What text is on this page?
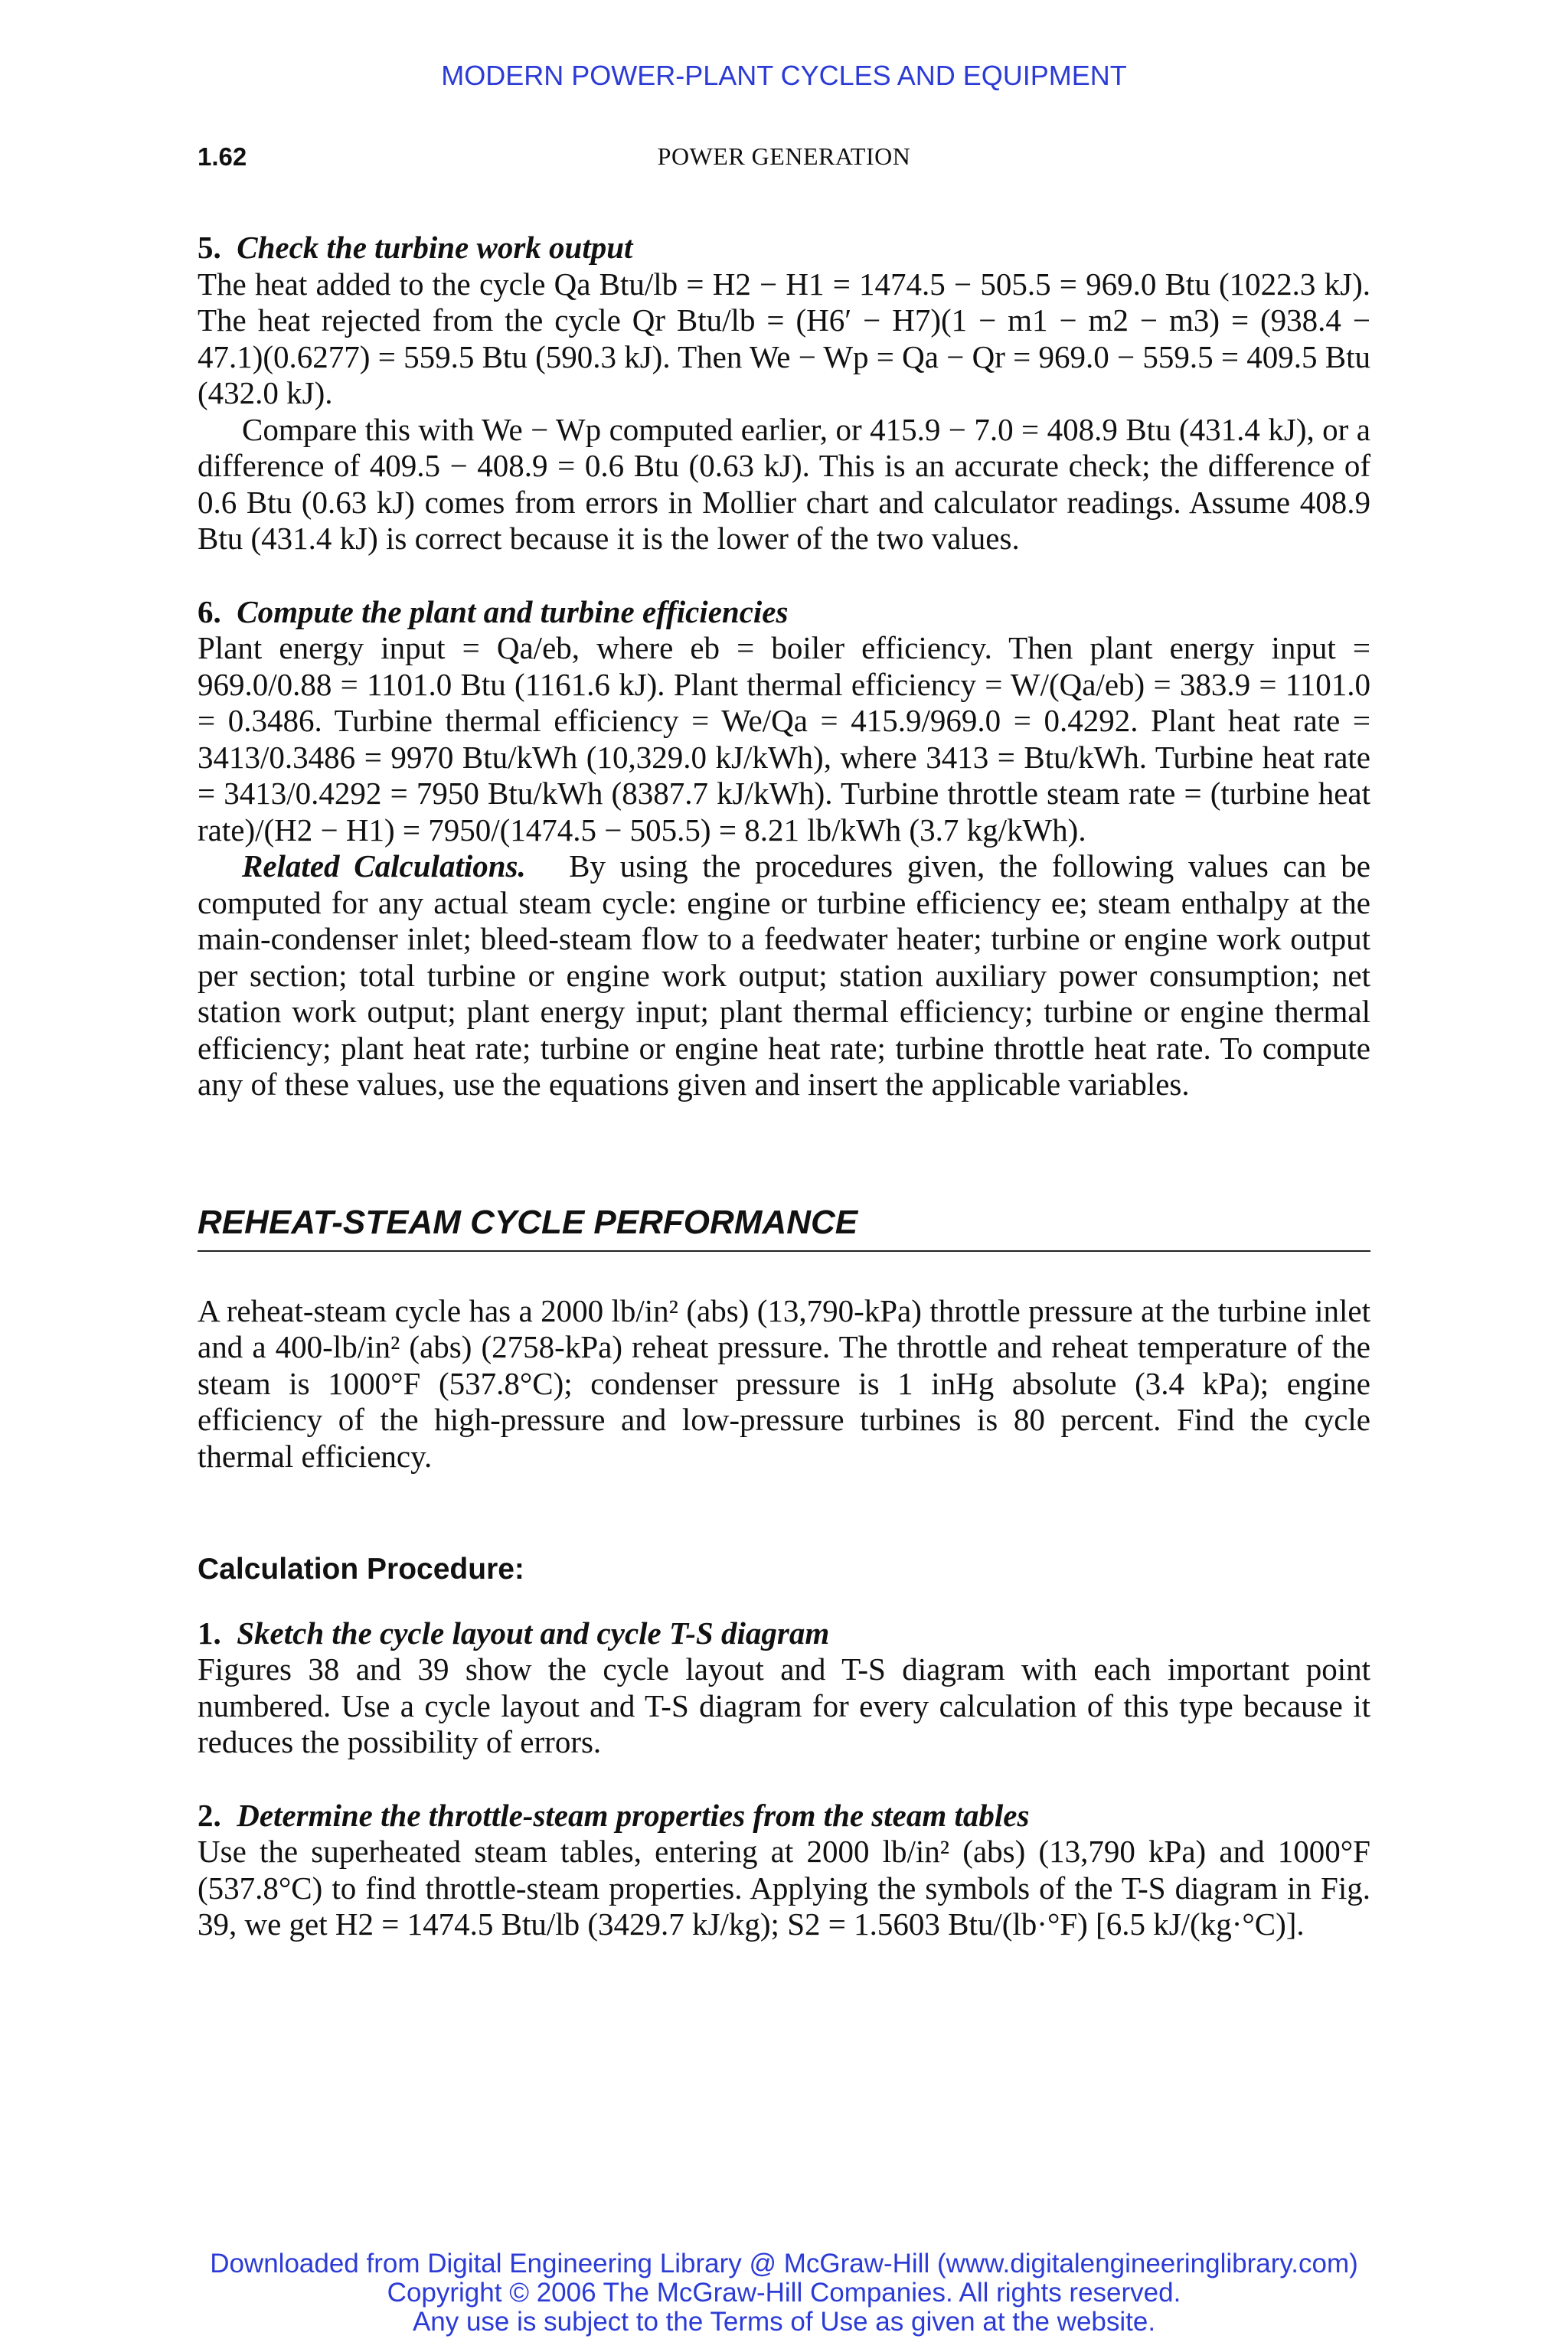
MODERN POWER-PLANT CYCLES AND EQUIPMENT
1.62	POWER GENERATION

5. Check the turbine work output

The heat added to the cycle Qa Btu/lb = H2 − H1 = 1474.5 − 505.5 = 969.0 Btu (1022.3 kJ). The heat rejected from the cycle Qr Btu/lb = (H6′ − H7)(1 − m1 − m2 − m3) = (938.4 − 47.1)(0.6277) = 559.5 Btu (590.3 kJ). Then We − Wp = Qa − Qr = 969.0 − 559.5 = 409.5 Btu (432.0 kJ).

Compare this with We − Wp computed earlier, or 415.9 − 7.0 = 408.9 Btu (431.4 kJ), or a difference of 409.5 − 408.9 = 0.6 Btu (0.63 kJ). This is an accurate check; the difference of 0.6 Btu (0.63 kJ) comes from errors in Mollier chart and calculator readings. Assume 408.9 Btu (431.4 kJ) is correct because it is the lower of the two values.

6. Compute the plant and turbine efficiencies

Plant energy input = Qa/eb, where eb = boiler efficiency. Then plant energy input = 969.0/0.88 = 1101.0 Btu (1161.6 kJ). Plant thermal efficiency = W/(Qa/eb) = 383.9 = 1101.0 = 0.3486. Turbine thermal efficiency = We/Qa = 415.9/969.0 = 0.4292. Plant heat rate = 3413/0.3486 = 9970 Btu/kWh (10,329.0 kJ/kWh), where 3413 = Btu/kWh. Turbine heat rate = 3413/0.4292 = 7950 Btu/kWh (8387.7 kJ/kWh). Turbine throttle steam rate = (turbine heat rate)/(H2 − H1) = 7950/(1474.5 − 505.5) = 8.21 lb/kWh (3.7 kg/kWh).

Related Calculations. By using the procedures given, the following values can be computed for any actual steam cycle: engine or turbine efficiency ee; steam enthalpy at the main-condenser inlet; bleed-steam flow to a feedwater heater; turbine or engine work output per section; total turbine or engine work output; station auxiliary power consumption; net station work output; plant energy input; plant thermal efficiency; turbine or engine thermal efficiency; plant heat rate; turbine or engine heat rate; turbine throttle heat rate. To compute any of these values, use the equations given and insert the applicable variables.

REHEAT-STEAM CYCLE PERFORMANCE

A reheat-steam cycle has a 2000 lb/in² (abs) (13,790-kPa) throttle pressure at the turbine inlet and a 400-lb/in² (abs) (2758-kPa) reheat pressure. The throttle and reheat temperature of the steam is 1000°F (537.8°C); condenser pressure is 1 inHg absolute (3.4 kPa); engine efficiency of the high-pressure and low-pressure turbines is 80 percent. Find the cycle thermal efficiency.

Calculation Procedure:

1. Sketch the cycle layout and cycle T-S diagram

Figures 38 and 39 show the cycle layout and T-S diagram with each important point numbered. Use a cycle layout and T-S diagram for every calculation of this type because it reduces the possibility of errors.

2. Determine the throttle-steam properties from the steam tables

Use the superheated steam tables, entering at 2000 lb/in² (abs) (13,790 kPa) and 1000°F (537.8°C) to find throttle-steam properties. Applying the symbols of the T-S diagram in Fig. 39, we get H2 = 1474.5 Btu/lb (3429.7 kJ/kg); S2 = 1.5603 Btu/(lb·°F) [6.5 kJ/(kg·°C)].

Downloaded from Digital Engineering Library @ McGraw-Hill (www.digitalengineeringlibrary.com)
Copyright © 2006 The McGraw-Hill Companies. All rights reserved.
Any use is subject to the Terms of Use as given at the website.
